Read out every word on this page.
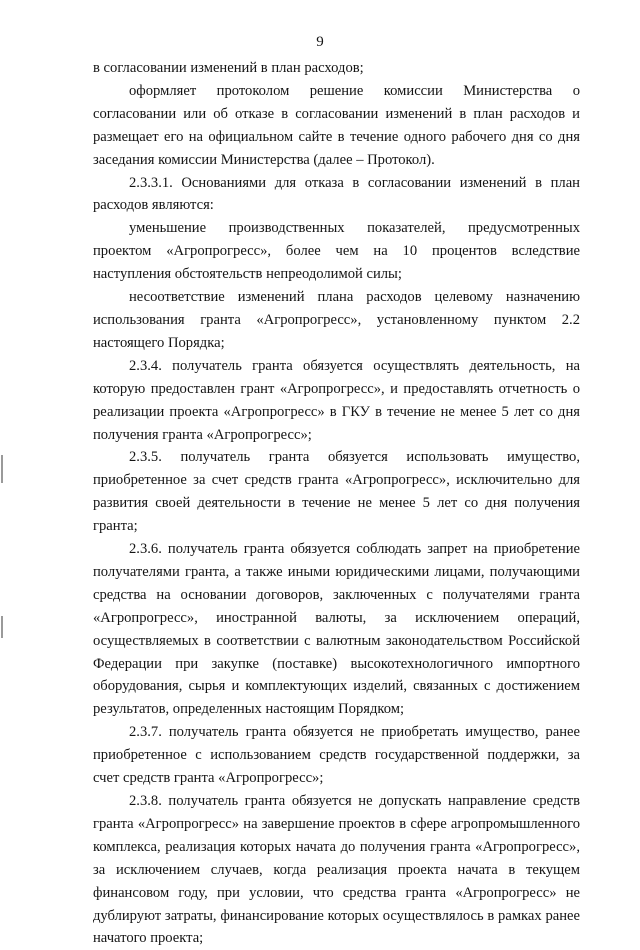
9

в согласовании изменений в план расходов;

оформляет протоколом решение комиссии Министерства о согласовании или об отказе в согласовании изменений в план расходов и размещает его на официальном сайте в течение одного рабочего дня со дня заседания комиссии Министерства (далее – Протокол).

2.3.3.1. Основаниями для отказа в согласовании изменений в план расходов являются:

уменьшение производственных показателей, предусмотренных проектом «Агропрогресс», более чем на 10 процентов вследствие наступления обстоятельств непреодолимой силы;

несоответствие изменений плана расходов целевому назначению использования гранта «Агропрогресс», установленному пунктом 2.2 настоящего Порядка;

2.3.4. получатель гранта обязуется осуществлять деятельность, на которую предоставлен грант «Агропрогресс», и предоставлять отчетность о реализации проекта «Агропрогресс» в ГКУ в течение не менее 5 лет со дня получения гранта «Агропрогресс»;

2.3.5. получатель гранта обязуется использовать имущество, приобретенное за счет средств гранта «Агропрогресс», исключительно для развития своей деятельности в течение не менее 5 лет со дня получения гранта;

2.3.6. получатель гранта обязуется соблюдать запрет на приобретение получателями гранта, а также иными юридическими лицами, получающими средства на основании договоров, заключенных с получателями гранта «Агропрогресс», иностранной валюты, за исключением операций, осуществляемых в соответствии с валютным законодательством Российской Федерации при закупке (поставке) высокотехнологичного импортного оборудования, сырья и комплектующих изделий, связанных с достижением результатов, определенных настоящим Порядком;

2.3.7. получатель гранта обязуется не приобретать имущество, ранее приобретенное с использованием средств государственной поддержки, за счет средств гранта «Агропрогресс»;

2.3.8. получатель гранта обязуется не допускать направление средств гранта «Агропрогресс» на завершение проектов в сфере агропромышленного комплекса, реализация которых начата до получения гранта «Агропрогресс», за исключением случаев, когда реализация проекта начата в текущем финансовом году, при условии, что средства гранта «Агропрогресс» не дублируют затраты, финансирование которых осуществлялось в рамках ранее начатого проекта;
